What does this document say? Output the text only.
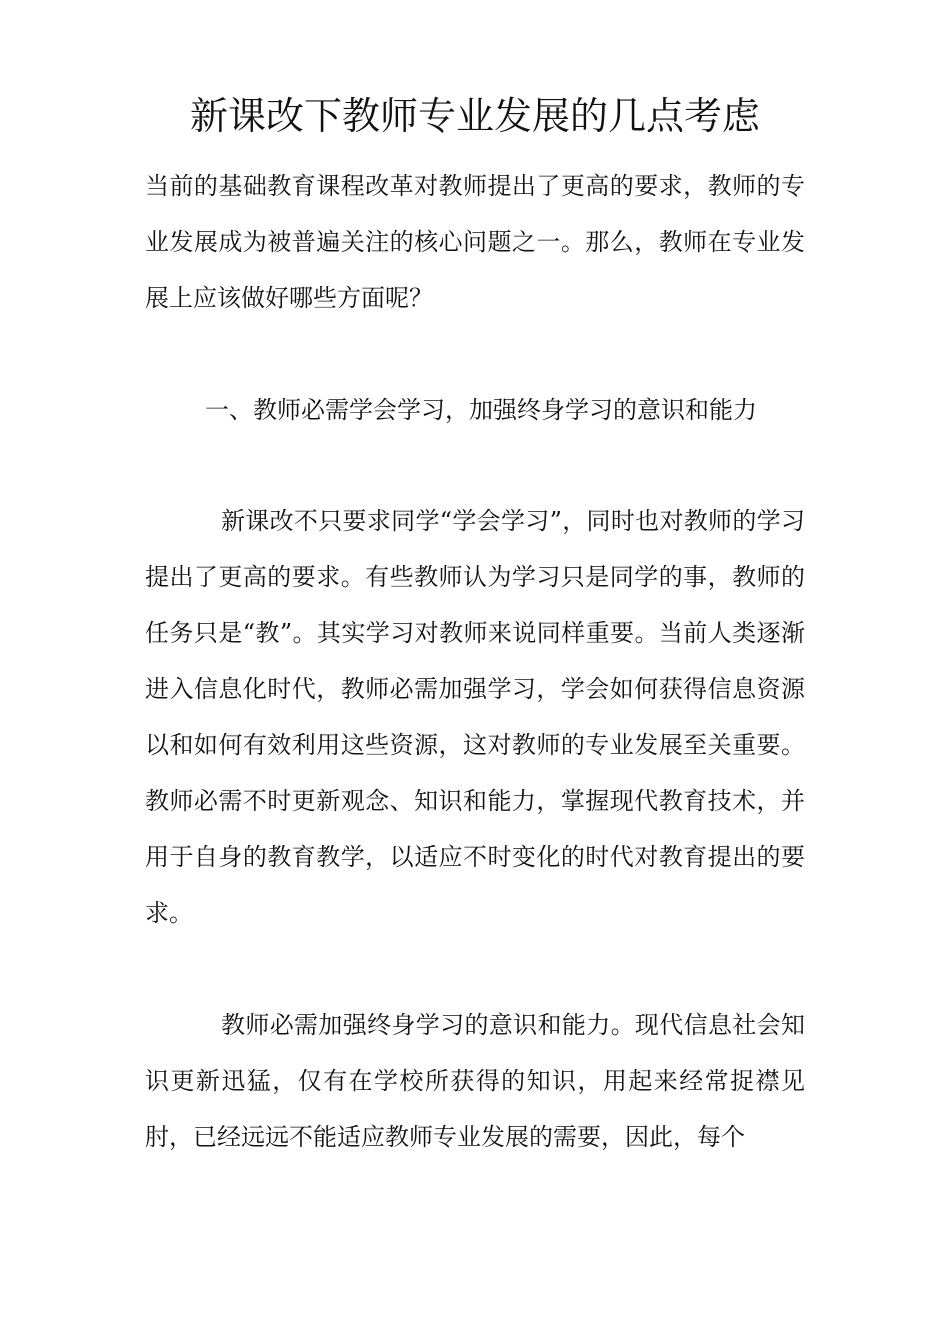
新课改下教师专业发展的几点考虑

当前的基础教育课程改革对教师提出了更高的要求，教师的专业发展成为被普遍关注的核心问题之一。那么，教师在专业发展上应该做好哪些方面呢？

一、教师必需学会学习，加强终身学习的意识和能力

新课改不只要求同学“学会学习”，同时也对教师的学习提出了更高的要求。有些教师认为学习只是同学的事，教师的任务只是“教”。其实学习对教师来说同样重要。当前人类逐渐进入信息化时代，教师必需加强学习，学会如何获得信息资源以和如何有效利用这些资源，这对教师的专业发展至关重要。教师必需不时更新观念、知识和能力，掌握现代教育技术，并用于自身的教育教学，以适应不时变化的时代对教育提出的要求。

教师必需加强终身学习的意识和能力。现代信息社会知识更新迅猛，仅有在学校所获得的知识，用起来经常捉襟见肘，已经远远不能适应教师专业发展的需要，因此，每个
